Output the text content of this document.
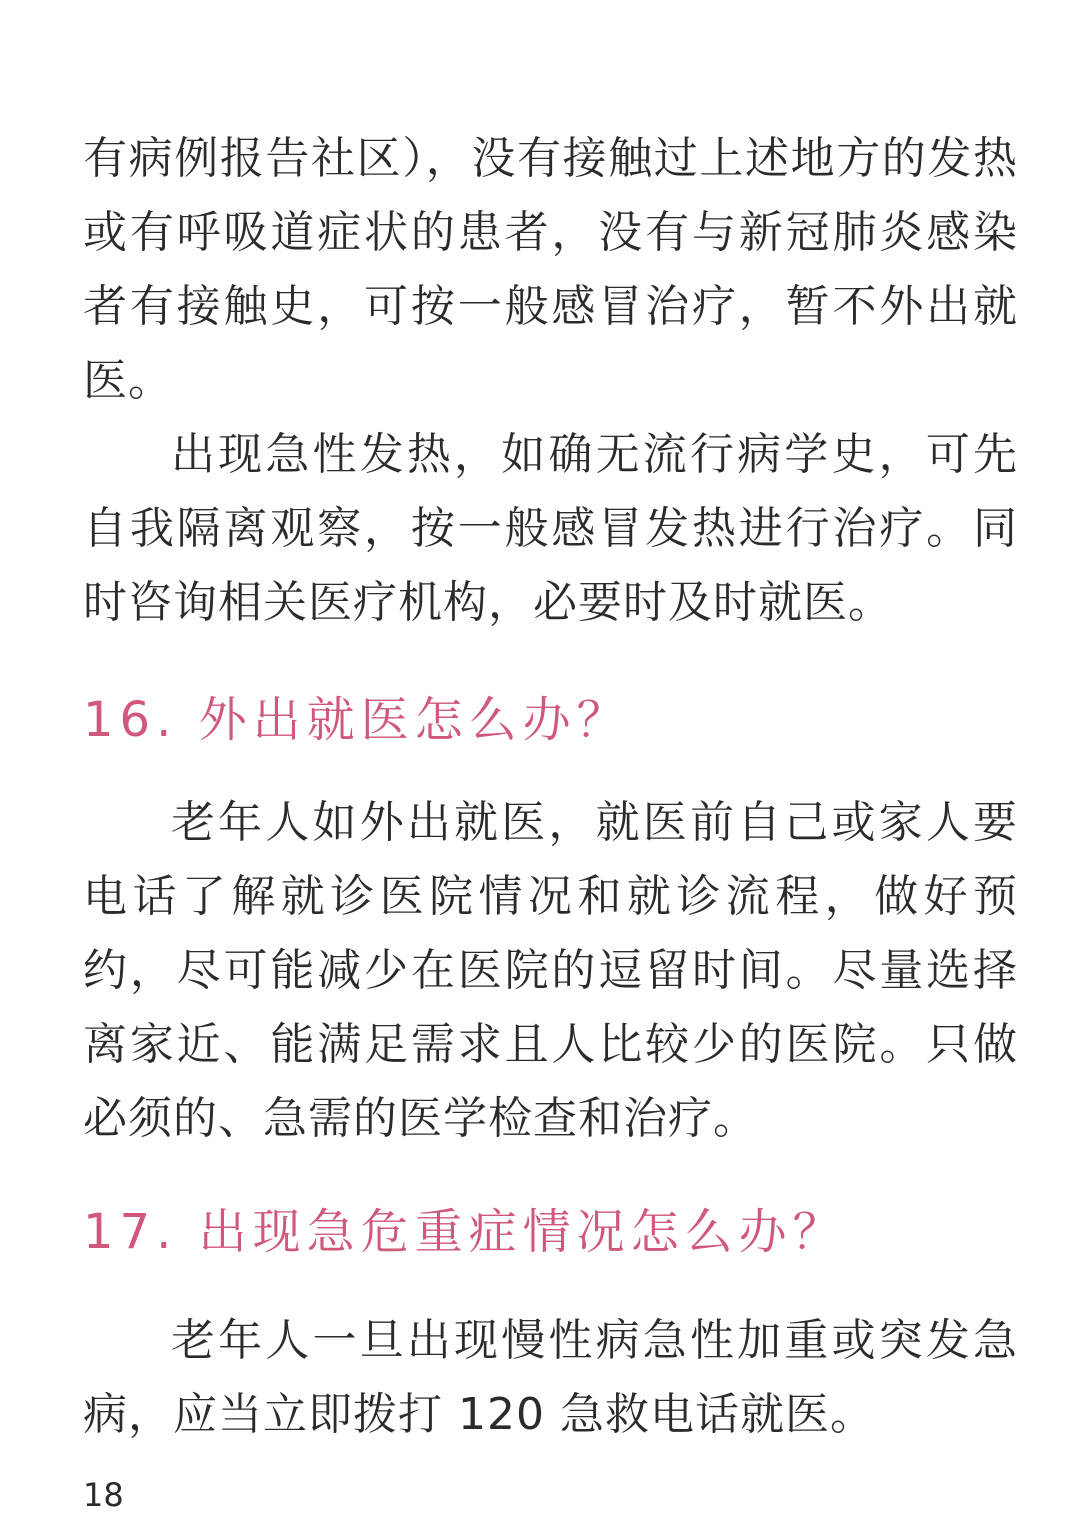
有病例报告社区），没有接触过上述地方的发热或有呼吸道症状的患者，没有与新冠肺炎感染者有接触史，可按一般感冒治疗，暂不外出就医。

出现急性发热，如确无流行病学史，可先自我隔离观察，按一般感冒发热进行治疗。同时咨询相关医疗机构，必要时及时就医。

16. 外出就医怎么办？

老年人如外出就医，就医前自己或家人要电话了解就诊医院情况和就诊流程，做好预约，尽可能减少在医院的逗留时间。尽量选择离家近、能满足需求且人比较少的医院。只做必须的、急需的医学检查和治疗。

17. 出现急危重症情况怎么办？

老年人一旦出现慢性病急性加重或突发急病，应当立即拨打 120 急救电话就医。

18
